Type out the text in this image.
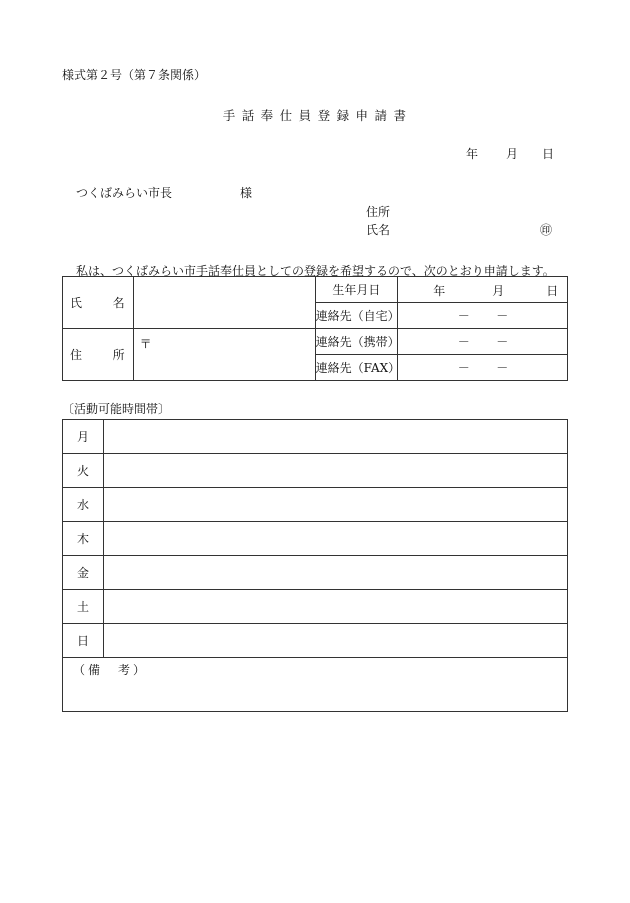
様式第２号（第７条関係）
手 話 奉 仕 員 登 録 申 請 書
年 月 日
つくばみらい市長	様
住所
氏名	㊞
私は、つくばみらい市手話奉仕員としての登録を希望するので、次のとおり申請します。
氏 名		生年月日	年 月 日

		連絡先（自宅）	－　－

住 所	〒	連絡先（携帯）	－　－
		連絡先（FAX）	－　－
〔活動可能時間帯〕
月	
火	
水	
木	
金	
土	
日	
（備　考）	
